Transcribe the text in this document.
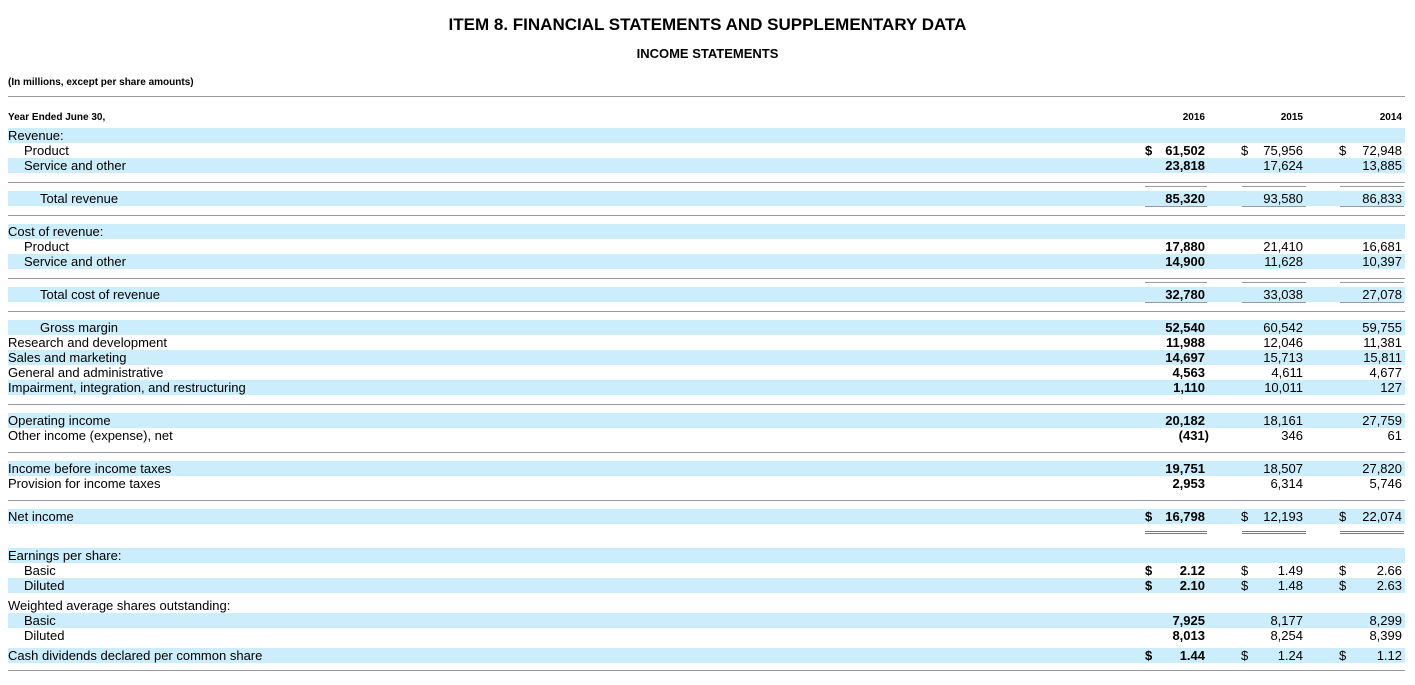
ITEM 8. FINANCIAL STATEMENTS AND SUPPLEMENTARY DATA
INCOME STATEMENTS
(In millions, except per share amounts)
Year Ended June 30,	2016	2015	2014
Revenue:
Product	$	61,502	$	75,956	$	72,948
Service and other	23,818	17,624	13,885
Total revenue	85,320	93,580	86,833
Cost of revenue:
Product	17,880	21,410	16,681
Service and other	14,900	11,628	10,397
Total cost of revenue	32,780	33,038	27,078
Gross margin	52,540	60,542	59,755
Research and development	11,988	12,046	11,381
Sales and marketing	14,697	15,713	15,811
General and administrative	4,563	4,611	4,677
Impairment, integration, and restructuring	1,110	10,011	127
Operating income	20,182	18,161	27,759
Other income (expense), net	(431)	346	61
Income before income taxes	19,751	18,507	27,820
Provision for income taxes	2,953	6,314	5,746
Net income	$	16,798	$	12,193	$	22,074
Earnings per share:
Basic	$	2.12	$	1.49	$	2.66
Diluted	$	2.10	$	1.48	$	2.63
Weighted average shares outstanding:
Basic	7,925	8,177	8,299
Diluted	8,013	8,254	8,399
Cash dividends declared per common share	$	1.44	$	1.24	$	1.12
